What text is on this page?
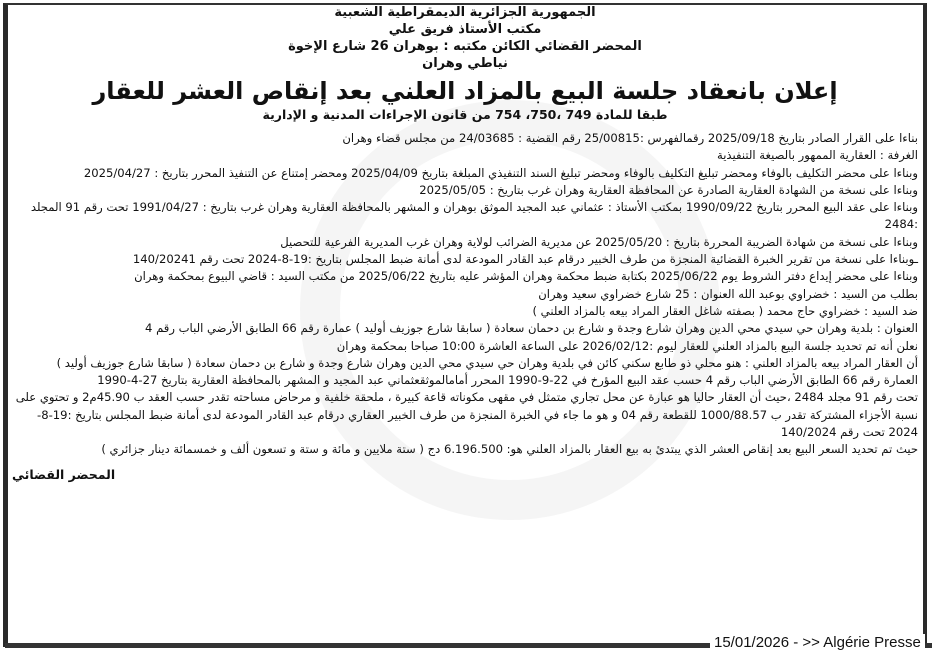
الجمهورية الجزائرية الديمقراطية الشعبية
مكتب الأستاذ فريق علي
المحضر القضائي الكائن مكتبه : بوهران 26 شارع الإخوة
نياطي وهران
إعلان بانعقاد جلسة البيع بالمزاد العلني بعد إنقاص العشر للعقار
طبقا للمادة 749 ،750، 754 من قانون الإجراءات المدنية و الإدارية

بناءا على القرار الصادر بتاريخ 2025/09/18 رقمالفهرس :25/00815 رقم القضية : 24/03685 من مجلس قضاء وهران

الغرفة : العقارية الممهور بالصيغة التنفيذية

وبناءا على محضر التكليف بالوفاء ومحضر تبليغ التكليف بالوفاء ومحضر تبليغ السند التنفيذي المبلغة بتاريخ 2025/04/09 ومحضر إمتناع عن التنفيذ المحرر بتاريخ : 2025/04/27

وبناءا على نسخة من الشهادة العقارية الصادرة عن المحافظة العقارية وهران غرب بتاريخ : 2025/05/05

وبناءا على عقد البيع المحرر بتاريخ 1990/09/22 بمكتب الأستاذ : عثماني عبد المجيد الموثق بوهران و المشهر بالمحافظة العقارية وهران غرب بتاريخ : 1991/04/27 تحت رقم 91 المجلد :2484

وبناءا على نسخة من شهادة الضريبة المحررة بتاريخ : 2025/05/20 عن مديرية الضرائب لولاية وهران غرب المديرية الفرعية للتحصيل

ـوبناءا على نسخة من تقرير الخبرة القضائية المنجزة من طرف الخبير درقام عبد القادر المودعة لدى أمانة ضبط المجلس بتاريخ :19-8-2024 تحت رقم 140/20241

وبناءا على محضر إيداع دفتر الشروط يوم 2025/06/22 بكتابة ضبط محكمة وهران المؤشر عليه بتاريخ 2025/06/22 من مكتب السيد : قاضي البيوع بمحكمة وهران

بطلب من السيد : خضراوي بوعبد الله العنوان : 25 شارع خضراوي سعيد وهران

ضد السيد : خضراوي حاج محمد ( بصفته شاغل العقار المراد بيعه بالمزاد العلني )

العنوان : بلدية وهران حي سيدي محي الدين وهران شارع وجدة و شارع بن دحمان سعادة ( سابقا شارع جوزيف أوليد ) عمارة رقم 66 الطابق الأرضي الباب رقم 4

نعلن أنه تم تحديد جلسة البيع بالمزاد العلني للعقار ليوم :2026/02/12 على الساعة العاشرة 10:00 صباحا بمحكمة وهران

أن العقار المراد بيعه بالمزاد العلني : هنو محلي ذو طابع سكني كائن في بلدية وهران حي سيدي محي الدين وهران شارع وجدة و شارع بن دحمان سعادة ( سابقا شارع جوزيف أوليد )

العمارة رقم 66 الطابق الأرضي الباب رقم 4 حسب عقد البيع المؤرخ في 22-9-1990 المحرر أمامالموثقعثماني عبد المجيد و المشهر بالمحافظة العقارية بتاريخ 27-4-1990

تحت رقم 91 مجلد 2484 ،حيث أن العقار حاليا هو عبارة عن محل تجاري متمثل في مقهى مكوناته قاعة كبيرة ، ملحقة خلفية و مرحاض مساحته تقدر حسب العقد ب 45.90م2 و تحتوي على نسبة الأجزاء المشتركة تقدر ب 1000/88.57 للقطعة رقم 04 و هو ما جاء في الخبرة المنجزة من طرف الخبير العقاري درقام عبد القادر المودعة لدى أمانة ضبط المجلس بتاريخ :19-8-2024 تحت رقم 140/2024

حيث تم تحديد السعر البيع بعد إنقاص العشر الذي يبتدئ به بيع العقار بالمزاد العلني هو: 6.196.500 دج ( ستة ملايين و مائة و ستة و تسعون ألف و خمسمائة دينار جزائري )

المحضر القضائي
15/01/2026 - >> Algérie Presse
